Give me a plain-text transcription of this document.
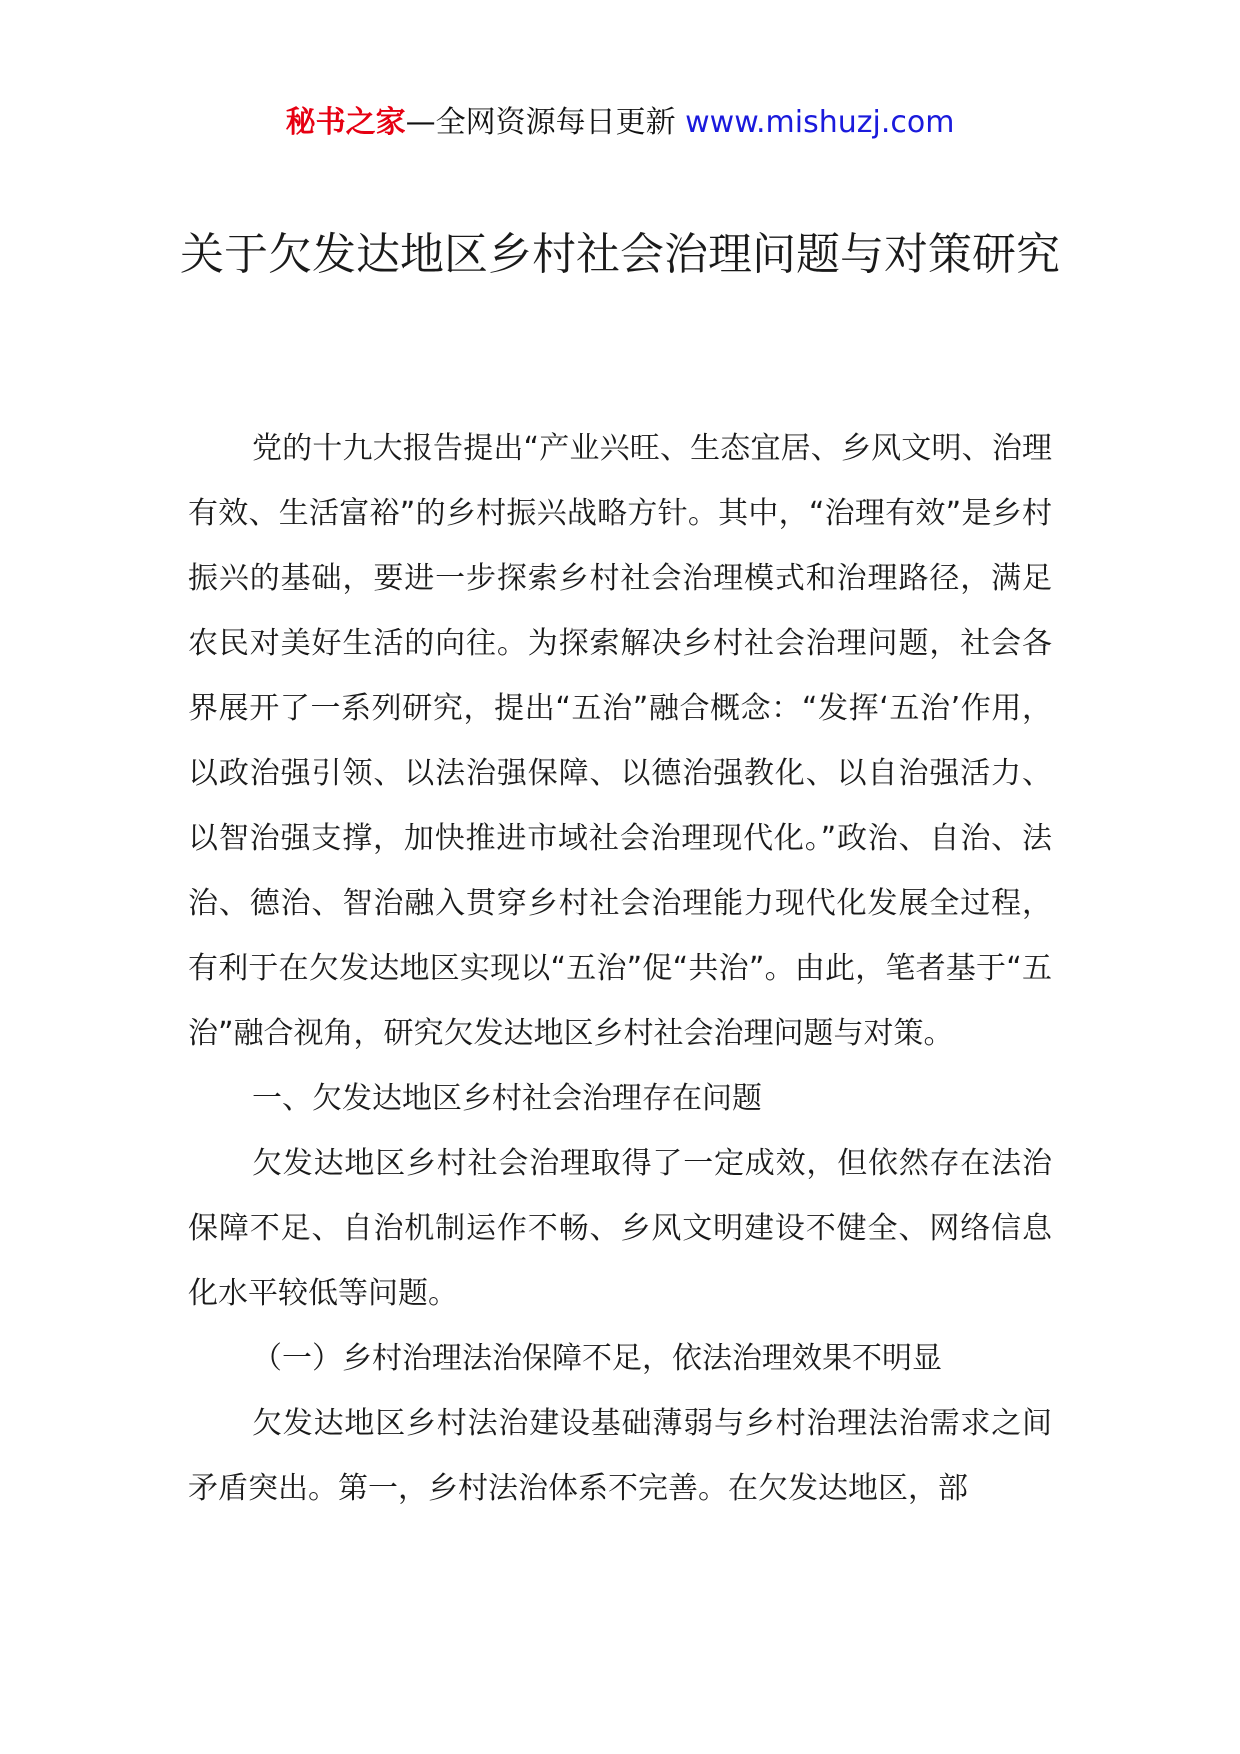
秘书之家—全网资源每日更新 www.mishuzj.com
关于欠发达地区乡村社会治理问题与对策研究

党的十九大报告提出“产业兴旺、生态宜居、乡风文明、治理有效、生活富裕”的乡村振兴战略方针。其中，“治理有效”是乡村振兴的基础，要进一步探索乡村社会治理模式和治理路径，满足农民对美好生活的向往。为探索解决乡村社会治理问题，社会各界展开了一系列研究，提出“五治”融合概念：“发挥‘五治’作用，以政治强引领、以法治强保障、以德治强教化、以自治强活力、以智治强支撑，加快推进市域社会治理现代化。”政治、自治、法治、德治、智治融入贯穿乡村社会治理能力现代化发展全过程，有利于在欠发达地区实现以“五治”促“共治”。由此，笔者基于“五治”融合视角，研究欠发达地区乡村社会治理问题与对策。

一、欠发达地区乡村社会治理存在问题

欠发达地区乡村社会治理取得了一定成效，但依然存在法治保障不足、自治机制运作不畅、乡风文明建设不健全、网络信息化水平较低等问题。

（一）乡村治理法治保障不足，依法治理效果不明显

欠发达地区乡村法治建设基础薄弱与乡村治理法治需求之间矛盾突出。第一，乡村法治体系不完善。在欠发达地区，部
